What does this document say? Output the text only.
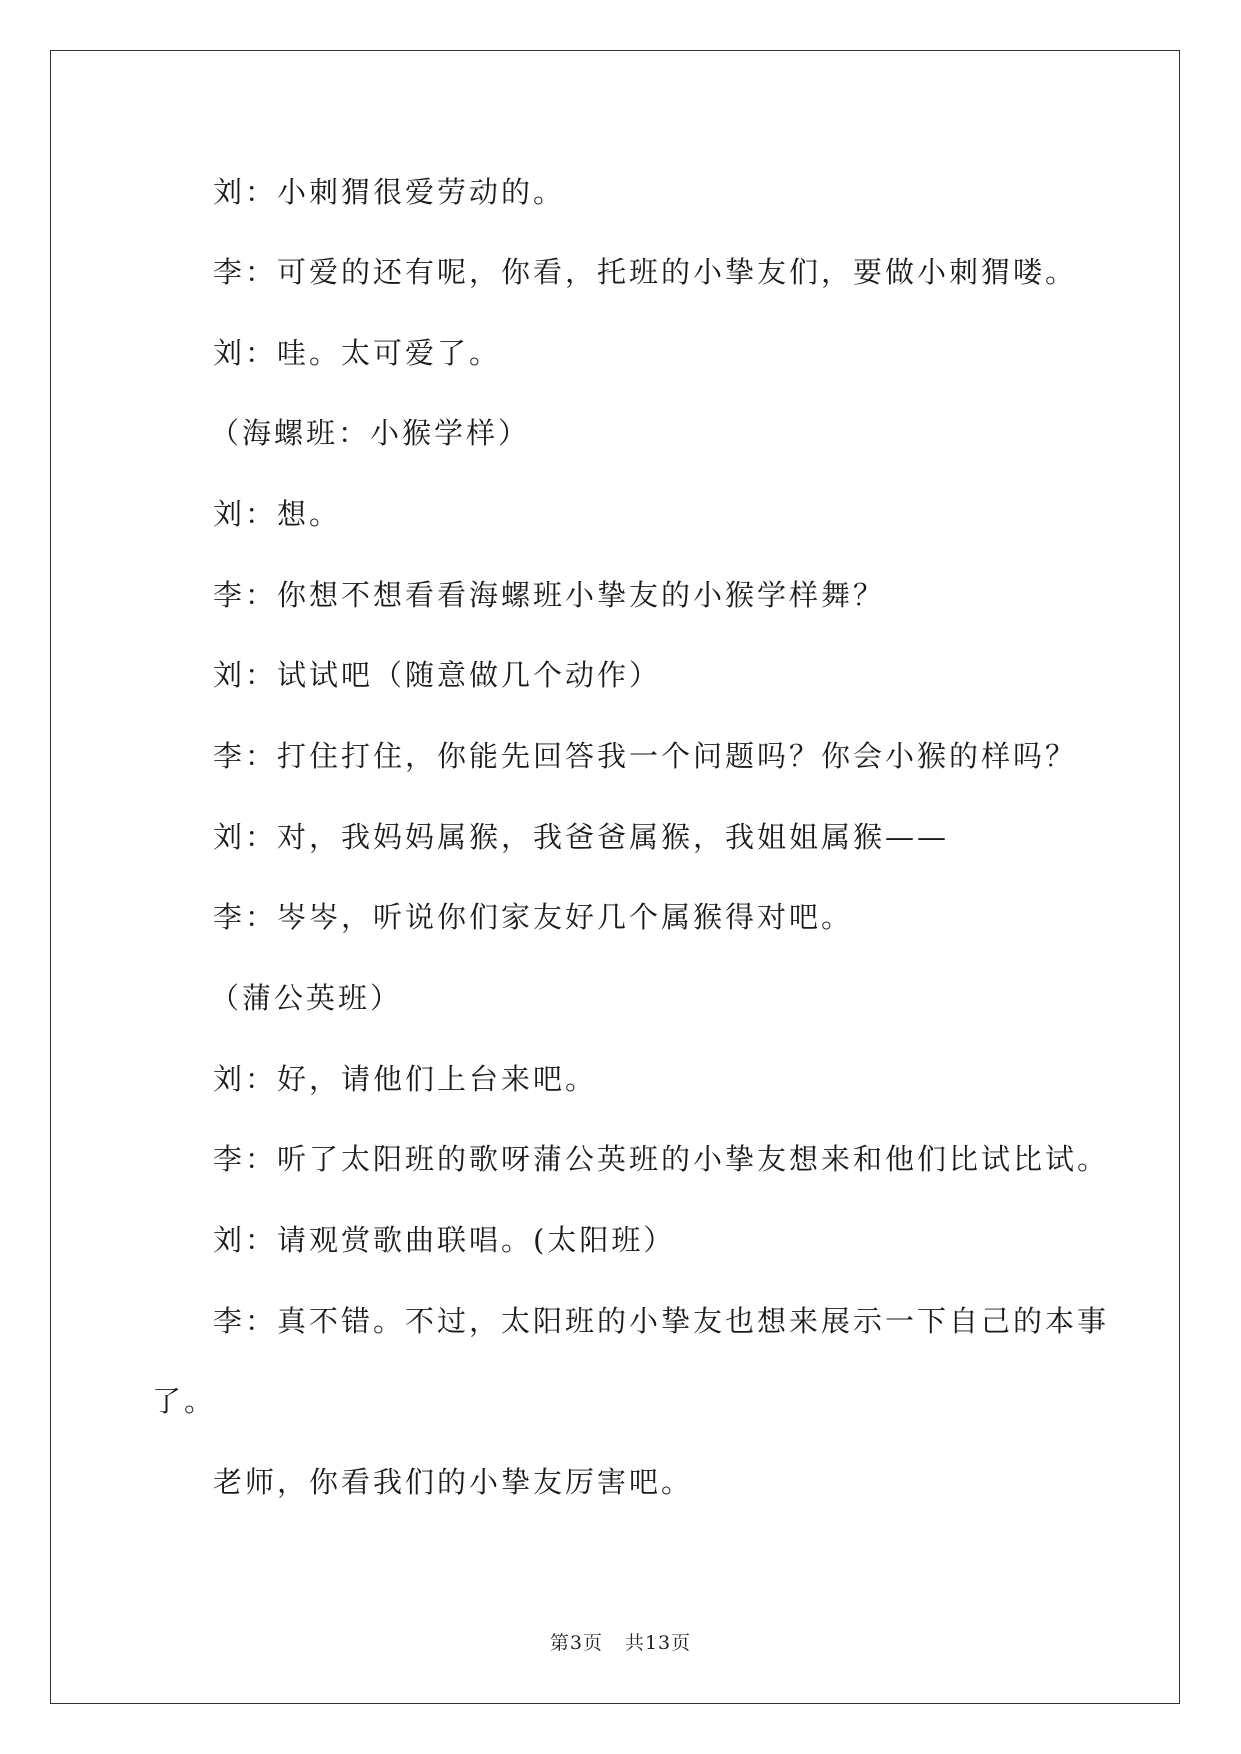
刘：小刺猬很爱劳动的。
李：可爱的还有呢，你看，托班的小挚友们，要做小刺猬喽。
刘：哇。太可爱了。
（海螺班：小猴学样）
刘：想。
李：你想不想看看海螺班小挚友的小猴学样舞？
刘：试试吧（随意做几个动作）
李：打住打住，你能先回答我一个问题吗？你会小猴的样吗？
刘：对，我妈妈属猴，我爸爸属猴，我姐姐属猴——
李：岑岑，听说你们家友好几个属猴得对吧。
（蒲公英班）
刘：好，请他们上台来吧。
李：听了太阳班的歌呀蒲公英班的小挚友想来和他们比试比试。
刘：请观赏歌曲联唱。(太阳班）
李：真不错。不过，太阳班的小挚友也想来展示一下自己的本事
了。
老师，你看我们的小挚友厉害吧。
第3页 共13页
